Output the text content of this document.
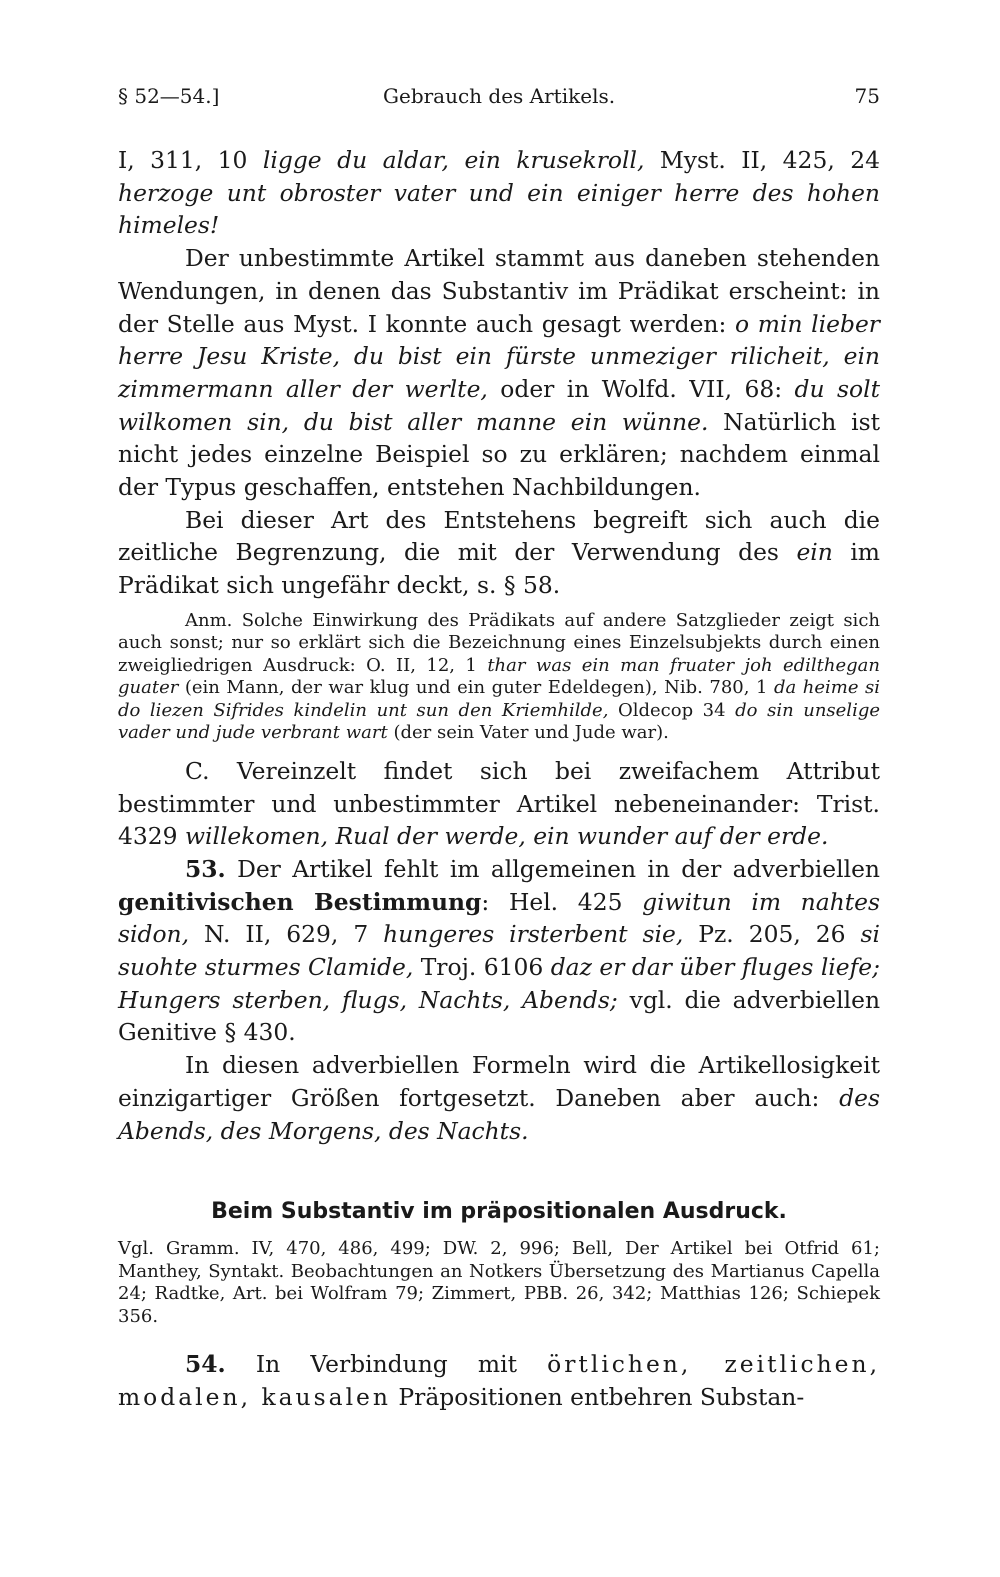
§ 52—54.]	Gebrauch des Artikels.	75

I, 311, 10 ligge du aldar, ein krusekroll, Myst. II, 425, 24 herzoge unt obroster vater und ein einiger herre des hohen himeles!

Der unbestimmte Artikel stammt aus daneben stehenden Wendungen, in denen das Substantiv im Prädikat erscheint: in der Stelle aus Myst. I konnte auch gesagt werden: o min lieber herre Jesu Kriste, du bist ein fürste unmeziger rilicheit, ein zimmermann aller der werlte, oder in Wolfd. VII, 68: du solt wilkomen sin, du bist aller manne ein wünne. Natürlich ist nicht jedes einzelne Beispiel so zu erklären; nachdem einmal der Typus geschaffen, entstehen Nachbildungen.

Bei dieser Art des Entstehens begreift sich auch die zeitliche Begrenzung, die mit der Verwendung des ein im Prädikat sich ungefähr deckt, s. § 58.

Anm. Solche Einwirkung des Prädikats auf andere Satzglieder zeigt sich auch sonst; nur so erklärt sich die Bezeichnung eines Einzelsubjekts durch einen zweigliedrigen Ausdruck: O. II, 12, 1 thar was ein man fruater joh edilthegan guater (ein Mann, der war klug und ein guter Edeldegen), Nib. 780, 1 da heime si do liezen Sifrides kindelin unt sun den Kriemhilde, Oldecop 34 do sin unselige vader und jude verbrant wart (der sein Vater und Jude war).

C. Vereinzelt findet sich bei zweifachem Attribut bestimmter und unbestimmter Artikel nebeneinander: Trist. 4329 willekomen, Rual der werde, ein wunder auf der erde.

53. Der Artikel fehlt im allgemeinen in der adverbiellen genitivischen Bestimmung: Hel. 425 giwitun im nahtes sidon, N. II, 629, 7 hungeres irsterbent sie, Pz. 205, 26 si suohte sturmes Clamide, Troj. 6106 daz er dar über fluges liefe; Hungers sterben, flugs, Nachts, Abends; vgl. die adverbiellen Genitive § 430.

In diesen adverbiellen Formeln wird die Artikellosigkeit einzigartiger Größen fortgesetzt. Daneben aber auch: des Abends, des Morgens, des Nachts.

Beim Substantiv im präpositionalen Ausdruck.

Vgl. Gramm. IV, 470, 486, 499; DW. 2, 996; Bell, Der Artikel bei Otfrid 61; Manthey, Syntakt. Beobachtungen an Notkers Übersetzung des Martianus Capella 24; Radtke, Art. bei Wolfram 79; Zimmert, PBB. 26, 342; Matthias 126; Schiepek 356.

54. In Verbindung mit örtlichen, zeitlichen, modalen, kausalen Präpositionen entbehren Substan-
